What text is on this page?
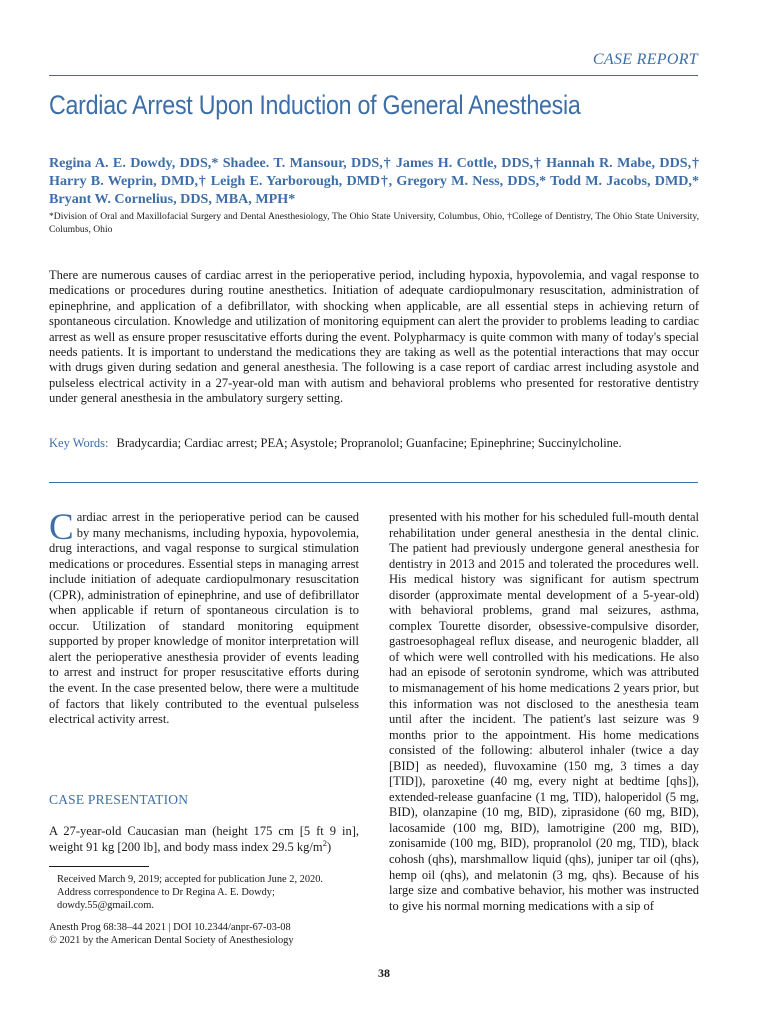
CASE REPORT
Cardiac Arrest Upon Induction of General Anesthesia
Regina A. E. Dowdy, DDS,* Shadee. T. Mansour, DDS,† James H. Cottle, DDS,† Hannah R. Mabe, DDS,† Harry B. Weprin, DMD,† Leigh E. Yarborough, DMD†, Gregory M. Ness, DDS,* Todd M. Jacobs, DMD,* Bryant W. Cornelius, DDS, MBA, MPH*
*Division of Oral and Maxillofacial Surgery and Dental Anesthesiology, The Ohio State University, Columbus, Ohio, †College of Dentistry, The Ohio State University, Columbus, Ohio
There are numerous causes of cardiac arrest in the perioperative period, including hypoxia, hypovolemia, and vagal response to medications or procedures during routine anesthetics. Initiation of adequate cardiopulmonary resuscitation, administration of epinephrine, and application of a defibrillator, with shocking when applicable, are all essential steps in achieving return of spontaneous circulation. Knowledge and utilization of monitoring equipment can alert the provider to problems leading to cardiac arrest as well as ensure proper resuscitative efforts during the event. Polypharmacy is quite common with many of today's special needs patients. It is important to understand the medications they are taking as well as the potential interactions that may occur with drugs given during sedation and general anesthesia. The following is a case report of cardiac arrest including asystole and pulseless electrical activity in a 27-year-old man with autism and behavioral problems who presented for restorative dentistry under general anesthesia in the ambulatory surgery setting.
Key Words: Bradycardia; Cardiac arrest; PEA; Asystole; Propranolol; Guanfacine; Epinephrine; Succinylcholine.
Cardiac arrest in the perioperative period can be caused by many mechanisms, including hypoxia, hypovolemia, drug interactions, and vagal response to surgical stimulation medications or procedures. Essential steps in managing arrest include initiation of adequate cardiopulmonary resuscitation (CPR), administration of epinephrine, and use of defibrillator when applicable if return of spontaneous circulation is to occur. Utilization of standard monitoring equipment supported by proper knowledge of monitor interpretation will alert the perioperative anesthesia provider of events leading to arrest and instruct for proper resuscitative efforts during the event. In the case presented below, there were a multitude of factors that likely contributed to the eventual pulseless electrical activity arrest.
CASE PRESENTATION
A 27-year-old Caucasian man (height 175 cm [5 ft 9 in], weight 91 kg [200 lb], and body mass index 29.5 $kg/m^2$)
Received March 9, 2019; accepted for publication June 2, 2020.
Address correspondence to Dr Regina A. E. Dowdy; dowdy.55@gmail.com.
Anesth Prog 68:38–44 2021 | DOI 10.2344/anpr-67-03-08
© 2021 by the American Dental Society of Anesthesiology
presented with his mother for his scheduled full-mouth dental rehabilitation under general anesthesia in the dental clinic. The patient had previously undergone general anesthesia for dentistry in 2013 and 2015 and tolerated the procedures well. His medical history was significant for autism spectrum disorder (approximate mental development of a 5-year-old) with behavioral problems, grand mal seizures, asthma, complex Tourette disorder, obsessive-compulsive disorder, gastroesophageal reflux disease, and neurogenic bladder, all of which were well controlled with his medications. He also had an episode of serotonin syndrome, which was attributed to mismanagement of his home medications 2 years prior, but this information was not disclosed to the anesthesia team until after the incident. The patient's last seizure was 9 months prior to the appointment. His home medications consisted of the following: albuterol inhaler (twice a day [BID] as needed), fluvoxamine (150 mg, 3 times a day [TID]), paroxetine (40 mg, every night at bedtime [qhs]), extended-release guanfacine (1 mg, TID), haloperidol (5 mg, BID), olanzapine (10 mg, BID), ziprasidone (60 mg, BID), lacosamide (100 mg, BID), lamotrigine (200 mg, BID), zonisamide (100 mg, BID), propranolol (20 mg, TID), black cohosh (qhs), marshmallow liquid (qhs), juniper tar oil (qhs), hemp oil (qhs), and melatonin (3 mg, qhs). Because of his large size and combative behavior, his mother was instructed to give his normal morning medications with a sip of
38
